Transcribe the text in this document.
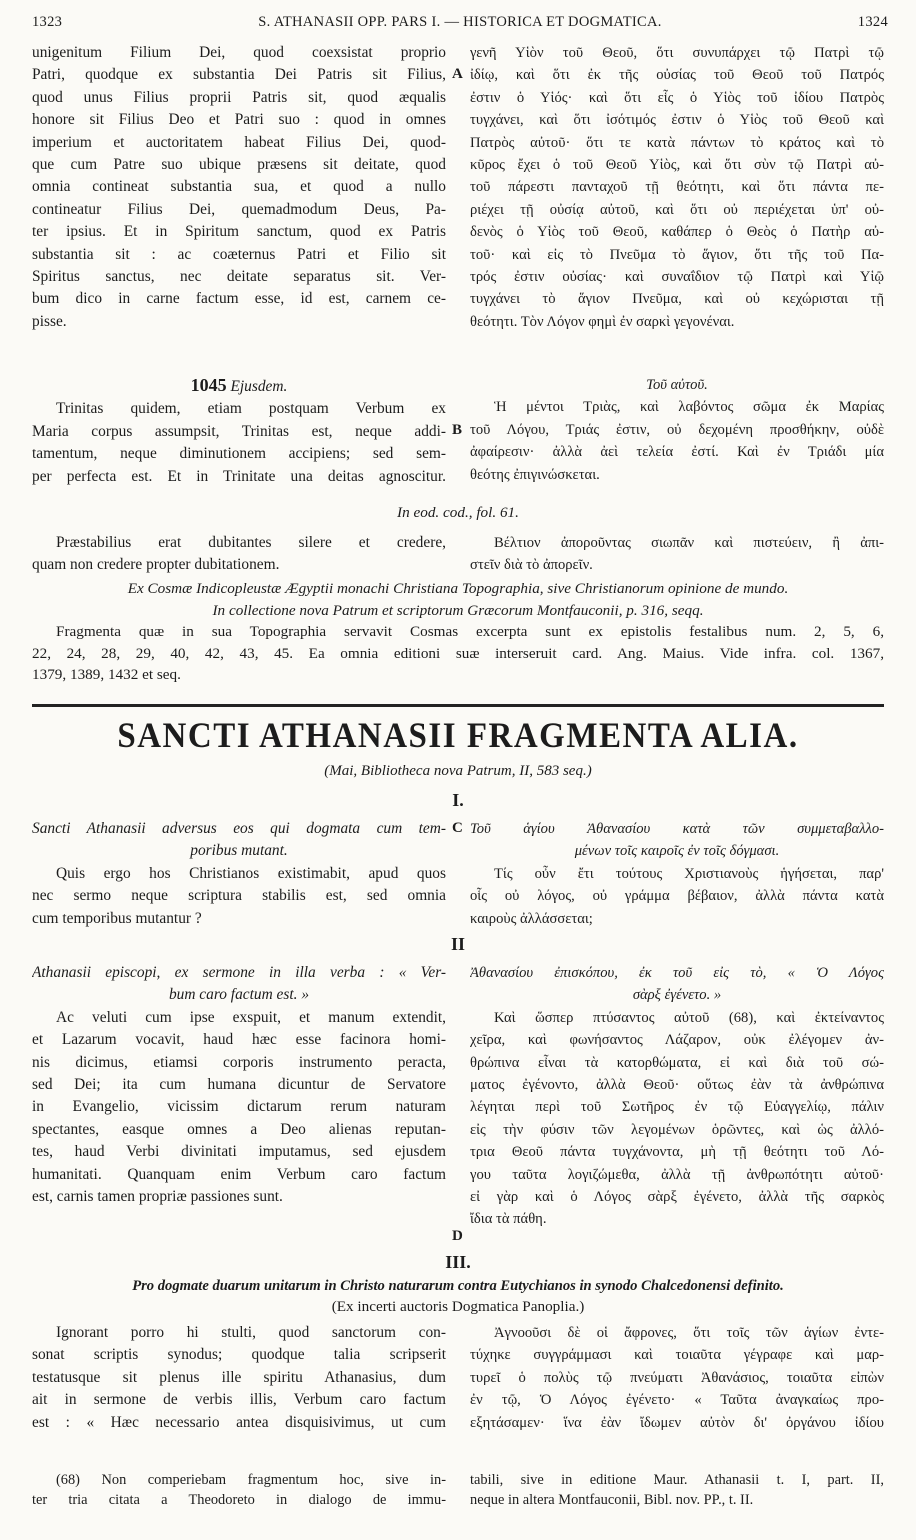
1323	S. ATHANASII OPP. PARS I. — HISTORICA ET DOGMATICA.	1324
unigenitum Filium Dei, quod coexsistat proprio
Patri, quodque ex substantia Dei Patris sit Filius,
quod unus Filius proprii Patris sit, quod æqualis
honore sit Filius Deo et Patri suo : quod in omnes
imperium et auctoritatem habeat Filius Dei, quod-
que cum Patre suo ubique præsens sit deitate, quod
omnia contineat substantia sua, et quod a nullo
contineatur Filius Dei, quemadmodum Deus, Pa-
ter ipsius. Et in Spiritum sanctum, quod ex Patris
substantia sit : ac coæternus Patri et Filio sit
Spiritus sanctus, nec deitate separatus sit. Ver-
bum dico in carne factum esse, id est, carnem ce-
pisse.
A
γενῆ Υἱὸν τοῦ Θεοῦ, ὅτι συνυπάρχει τῷ Πατρὶ τῷ
ἰδίῳ, καὶ ὅτι ἐκ τῆς οὐσίας τοῦ Θεοῦ τοῦ Πατρός
ἐστιν ὁ Υἱός· καὶ ὅτι εἷς ὁ Υἱὸς τοῦ ἰδίου Πατρὸς
τυγχάνει, καὶ ὅτι ἰσότιμός ἐστιν ὁ Υἱὸς τοῦ Θεοῦ καὶ
Πατρὸς αὐτοῦ· ὅτι τε κατὰ πάντων τὸ κράτος καὶ τὸ
κῦρος ἔχει ὁ τοῦ Θεοῦ Υἱὸς, καὶ ὅτι σὺν τῷ Πατρὶ αὐ-
τοῦ πάρεστι πανταχοῦ τῇ θεότητι, καὶ ὅτι πάντα πε-
ριέχει τῇ οὐσίᾳ αὐτοῦ, καὶ ὅτι οὐ περιέχεται ὑπ' οὐ-
δενὸς ὁ Υἱὸς τοῦ Θεοῦ, καθάπερ ὁ Θεὸς ὁ Πατὴρ αὐ-
τοῦ· καὶ εἰς τὸ Πνεῦμα τὸ ἅγιον, ὅτι τῆς τοῦ Πα-
τρός ἐστιν οὐσίας· καὶ συναΐδιον τῷ Πατρὶ καὶ Υἱῷ
τυγχάνει τὸ ἅγιον Πνεῦμα, καὶ οὐ κεχώρισται τῇ
θεότητι. Τὸν Λόγον φημὶ ἐν σαρκὶ γεγονέναι.
1045 Ejusdem.
Trinitas quidem, etiam postquam Verbum ex
Maria corpus assumpsit, Trinitas est, neque addi-
tamentum, neque diminutionem accipiens; sed sem-
per perfecta est. Et in Trinitate una deitas agnoscitur.
B
Τοῦ αὐτοῦ.
Ἡ μέντοι Τριὰς, καὶ λαβόντος σῶμα ἐκ Μαρίας
τοῦ Λόγου, Τριάς ἐστιν, οὐ δεχομένη προσθήκην, οὐδὲ
ἀφαίρεσιν· ἀλλὰ ἀεὶ τελεία ἐστί. Καὶ ἐν Τριάδι μία
θεότης ἐπιγινώσκεται.
In eod. cod., fol. 61.
Præstabilius erat dubitantes silere et credere,
quam non credere propter dubitationem.
Βέλτιον ἀποροῦντας σιωπᾶν καὶ πιστεύειν, ἢ ἀπι-
στεῖν διὰ τὸ ἀπορεῖν.
Ex Cosmæ Indicopleustæ Ægyptii monachi Christiana Topographia, sive Christianorum opinione de mundo.
In collectione nova Patrum et scriptorum Græcorum Montfauconii, p. 316, seqq.
Fragmenta quæ in sua Topographia servavit Cosmas excerpta sunt ex epistolis festalibus num. 2, 5, 6,
22, 24, 28, 29, 40, 42, 43, 45. Ea omnia editioni suæ interseruit card. Ang. Maius. Vide infra. col. 1367,
1379, 1389, 1432 et seq.
SANCTI ATHANASII FRAGMENTA ALIA.
(Mai, Bibliotheca nova Patrum, II, 583 seq.)
I.
Sancti Athanasii adversus eos qui dogmata cum tem-
poribus mutant.
Quis ergo hos Christianos existimabit, apud quos
nec sermo neque scriptura stabilis est, sed omnia
cum temporibus mutantur ?
C Τοῦ ἁγίου Ἀθανασίου κατὰ τῶν συμμεταβαλλο-
μένων τοῖς καιροῖς ἐν τοῖς δόγμασι.
Τίς οὖν ἔτι τούτους Χριστιανοὺς ἡγήσεται, παρ'
οἷς οὐ λόγος, οὐ γράμμα βέβαιον, ἀλλὰ πάντα κατὰ
καιροὺς ἀλλάσσεται;
II
Athanasii episcopi, ex sermone in illa verba : « Ver-
bum caro factum est. »
Ac veluti cum ipse exspuit, et manum extendit,
et Lazarum vocavit, haud hæc esse facinora homi-
nis dicimus, etiamsi corporis instrumento peracta,
sed Dei; ita cum humana dicuntur de Servatore
in Evangelio, vicissim dictarum rerum naturam
spectantes, easque omnes a Deo alienas reputan-
tes, haud Verbi divinitati imputamus, sed ejusdem
humanitati. Quanquam enim Verbum caro factum
est, carnis tamen propriæ passiones sunt.
Ἀθανασίου ἐπισκόπου, ἐκ τοῦ εἰς τὸ, « Ὁ Λόγος
σὰρξ ἐγένετο. »
Καὶ ὥσπερ πτύσαντος αὐτοῦ (68), καὶ ἐκτείναντος
χεῖρα, καὶ φωνήσαντος Λάζαρον, οὐκ ἐλέγομεν ἀν-
θρώπινα εἶναι τὰ κατορθώματα, εἰ καὶ διὰ τοῦ σώ-
ματος ἐγένοντο, ἀλλὰ Θεοῦ· οὕτως ἐὰν τὰ ἀνθρώπινα
λέγηται περὶ τοῦ Σωτῆρος ἐν τῷ Εὐαγγελίῳ, πάλιν
εἰς τὴν φύσιν τῶν λεγομένων ὁρῶντες, καὶ ὡς ἀλλό-
τρια Θεοῦ πάντα τυγχάνοντα, μὴ τῇ θεότητι τοῦ Λό-
γου ταῦτα λογιζώμεθα, ἀλλὰ τῇ ἀνθρωπότητι αὐτοῦ·
εἰ γὰρ καὶ ὁ Λόγος σὰρξ ἐγένετο, ἀλλὰ τῆς σαρκὸς
ἴδια τὰ πάθη.
D
III.
Pro dogmate duarum unitarum in Christo naturarum contra Eutychianos in synodo Chalcedonensi definito.
(Ex incerti auctoris Dogmatica Panoplia.)
Ignorant porro hi stulti, quod sanctorum con-
sonat scriptis synodus; quodque talia scripserit
testatusque sit plenus ille spiritu Athanasius, dum
ait in sermone de verbis illis, Verbum caro factum
est : « Hæc necessario antea disquisivimus, ut cum
Ἀγνοοῦσι δὲ οἱ ἄφρονες, ὅτι τοῖς τῶν ἁγίων ἐντε-
τύχηκε συγγράμμασι καὶ τοιαῦτα γέγραφε καὶ μαρ-
τυρεῖ ὁ πολὺς τῷ πνεύματι Ἀθανάσιος, τοιαῦτα εἰπὼν
ἐν τῷ, Ὁ Λόγος ἐγένετο· « Ταῦτα ἀναγκαίως προ-
εξητάσαμεν· ἵνα ἐὰν ἴδωμεν αὐτὸν δι' ὀργάνου ἰδίου
(68) Non comperiebam fragmentum hoc, sive in-
ter tria citata a Theodoreto in dialogo de immu-
tabili, sive in editione Maur. Athanasii t. I, part. II,
neque in altera Montfauconii, Bibl. nov. PP., t. II.
